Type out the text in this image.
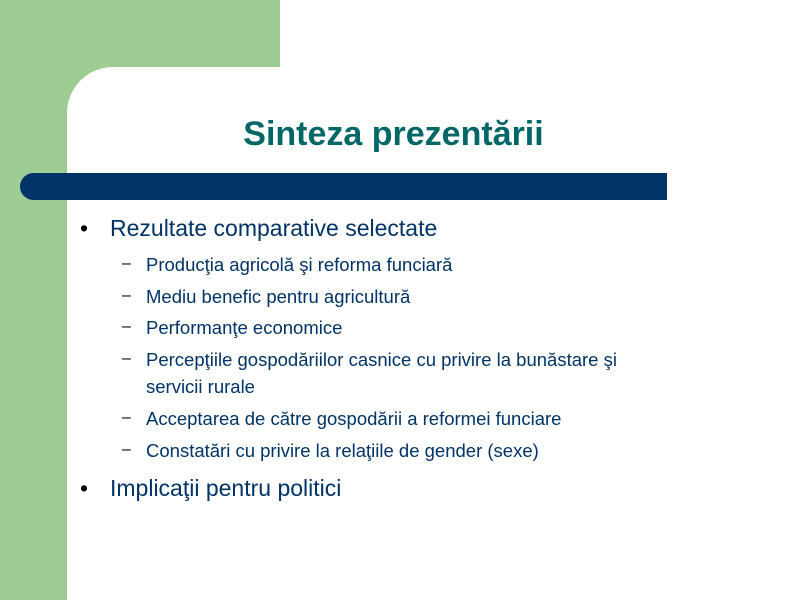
Sinteza prezentării
• Rezultate comparative selectate
– Producţia agricolă şi reforma funciară
– Mediu benefic pentru agricultură
– Performanţe economice
– Percepţiile gospodăriilor casnice cu privire la bunăstare şi
servicii rurale
– Acceptarea de către gospodării a reformei funciare
– Constatări cu privire la relaţiile de gender (sexe)
• Implicaţii pentru politici
